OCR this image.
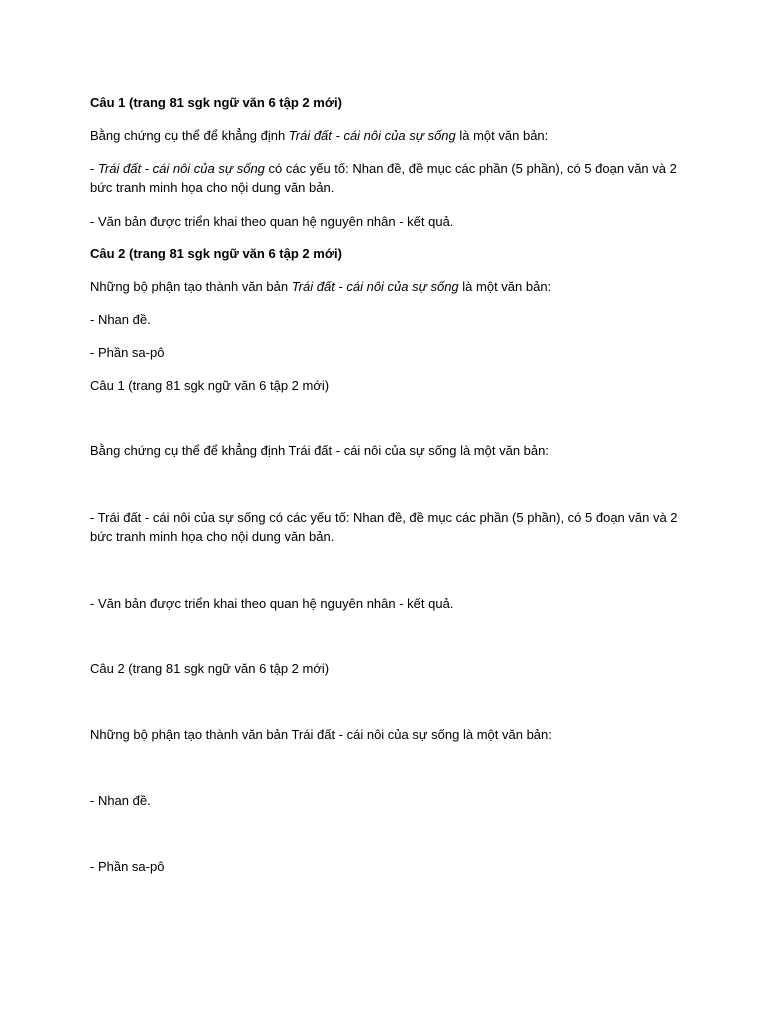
Câu 1 (trang 81 sgk ngữ văn 6 tập 2 mới)

Bằng chứng cụ thể để khẳng định Trái đất - cái nôi của sự sống là một văn bản:

- Trái đất - cái nôi của sự sống có các yếu tố: Nhan đề, đề mục các phần (5 phần), có 5 đoạn văn và 2 bức tranh minh họa cho nội dung văn bản.

- Văn bản được triển khai theo quan hệ nguyên nhân - kết quả.

Câu 2 (trang 81 sgk ngữ văn 6 tập 2 mới)

Những bộ phận tạo thành văn bản Trái đất - cái nôi của sự sống là một văn bản:

- Nhan đề.

- Phần sa-pô

Câu 1 (trang 81 sgk ngữ văn 6 tập 2 mới)

Bằng chứng cụ thể để khẳng định Trái đất - cái nôi của sự sống là một văn bản:

- Trái đất - cái nôi của sự sống có các yếu tố: Nhan đề, đề mục các phần (5 phần), có 5 đoạn văn và 2 bức tranh minh họa cho nội dung văn bản.

- Văn bản được triển khai theo quan hệ nguyên nhân - kết quả.

Câu 2 (trang 81 sgk ngữ văn 6 tập 2 mới)

Những bộ phận tạo thành văn bản Trái đất - cái nôi của sự sống là một văn bản:

- Nhan đề.

- Phần sa-pô
